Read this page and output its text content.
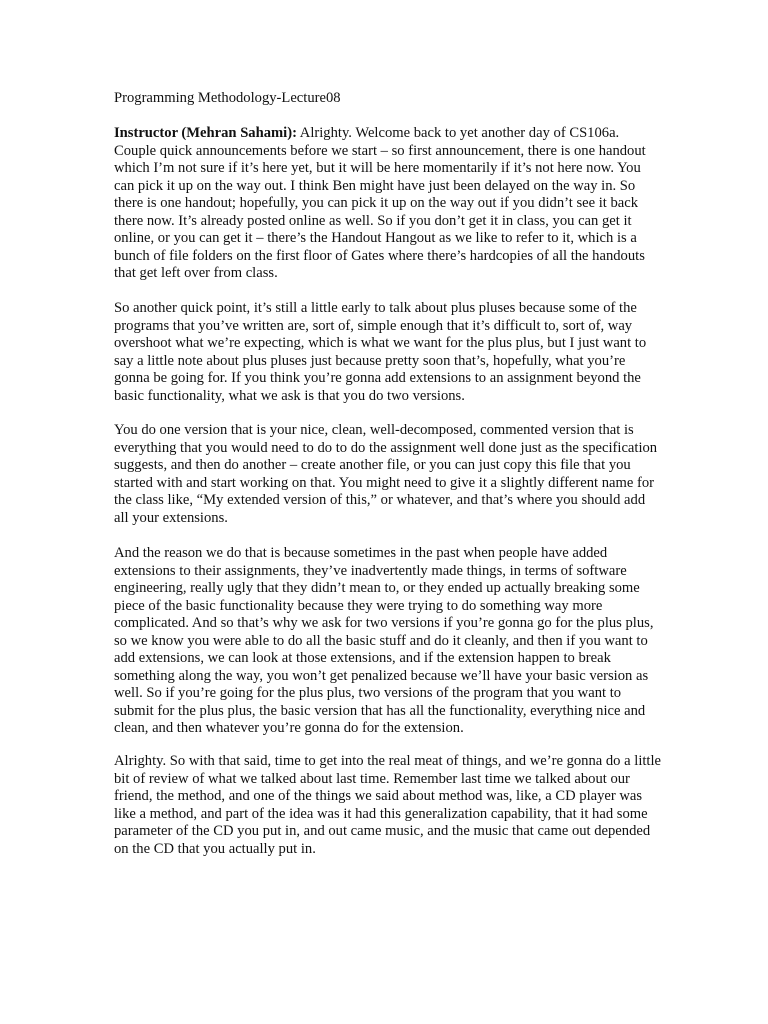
Programming Methodology-Lecture08

Instructor (Mehran Sahami): Alrighty. Welcome back to yet another day of CS106a. Couple quick announcements before we start – so first announcement, there is one handout which I’m not sure if it’s here yet, but it will be here momentarily if it’s not here now. You can pick it up on the way out. I think Ben might have just been delayed on the way in. So there is one handout; hopefully, you can pick it up on the way out if you didn’t see it back there now. It’s already posted online as well. So if you don’t get it in class, you can get it online, or you can get it – there’s the Handout Hangout as we like to refer to it, which is a bunch of file folders on the first floor of Gates where there’s hardcopies of all the handouts that get left over from class.

So another quick point, it’s still a little early to talk about plus pluses because some of the programs that you’ve written are, sort of, simple enough that it’s difficult to, sort of, way overshoot what we’re expecting, which is what we want for the plus plus, but I just want to say a little note about plus pluses just because pretty soon that’s, hopefully, what you’re gonna be going for. If you think you’re gonna add extensions to an assignment beyond the basic functionality, what we ask is that you do two versions.

You do one version that is your nice, clean, well-decomposed, commented version that is everything that you would need to do to do the assignment well done just as the specification suggests, and then do another – create another file, or you can just copy this file that you started with and start working on that. You might need to give it a slightly different name for the class like, “My extended version of this,” or whatever, and that’s where you should add all your extensions.

And the reason we do that is because sometimes in the past when people have added extensions to their assignments, they’ve inadvertently made things, in terms of software engineering, really ugly that they didn’t mean to, or they ended up actually breaking some piece of the basic functionality because they were trying to do something way more complicated. And so that’s why we ask for two versions if you’re gonna go for the plus plus, so we know you were able to do all the basic stuff and do it cleanly, and then if you want to add extensions, we can look at those extensions, and if the extension happen to break something along the way, you won’t get penalized because we’ll have your basic version as well. So if you’re going for the plus plus, two versions of the program that you want to submit for the plus plus, the basic version that has all the functionality, everything nice and clean, and then whatever you’re gonna do for the extension.

Alrighty. So with that said, time to get into the real meat of things, and we’re gonna do a little bit of review of what we talked about last time. Remember last time we talked about our friend, the method, and one of the things we said about method was, like, a CD player was like a method, and part of the idea was it had this generalization capability, that it had some parameter of the CD you put in, and out came music, and the music that came out depended on the CD that you actually put in.
